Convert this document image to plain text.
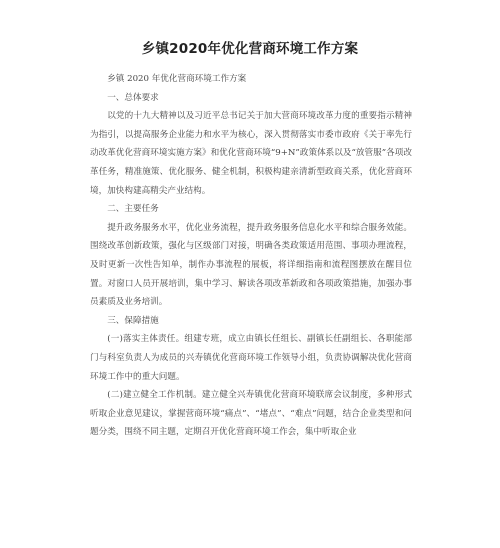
乡镇2020年优化营商环境工作方案

乡镇 2020 年优化营商环境工作方案

一、总体要求

以党的十九大精神以及习近平总书记关于加大营商环境改革力度的重要指示精神为指引，以提高服务企业能力和水平为核心，深入贯彻落实市委市政府《关于率先行动改革优化营商环境实施方案》和优化营商环境“9+N”政策体系以及“放管服”各项改革任务，精准施策、优化服务、健全机制，积极构建亲清新型政商关系，优化营商环境，加快构建高精尖产业结构。

二、主要任务

提升政务服务水平，优化业务流程，提升政务服务信息化水平和综合服务效能。围绕改革创新政策，强化与区级部门对接，明确各类政策适用范围、事项办理流程，及时更新一次性告知单，制作办事流程的展板，将详细指南和流程图摆放在醒目位置。对窗口人员开展培训，集中学习、解读各项改革新政和各项政策措施，加强办事员素质及业务培训。

三、保障措施

(一)落实主体责任。组建专班，成立由镇长任组长、副镇长任副组长、各职能部门与科室负责人为成员的兴寿镇优化营商环境工作领导小组，负责协调解决优化营商环境工作中的重大问题。

(二)建立健全工作机制。建立健全兴寿镇优化营商环境联席会议制度，多种形式听取企业意见建议，掌握营商环境“痛点”、“堵点”、“难点”问题，结合企业类型和问题分类，围绕不同主题，定期召开优化营商环境工作会，集中听取企业
